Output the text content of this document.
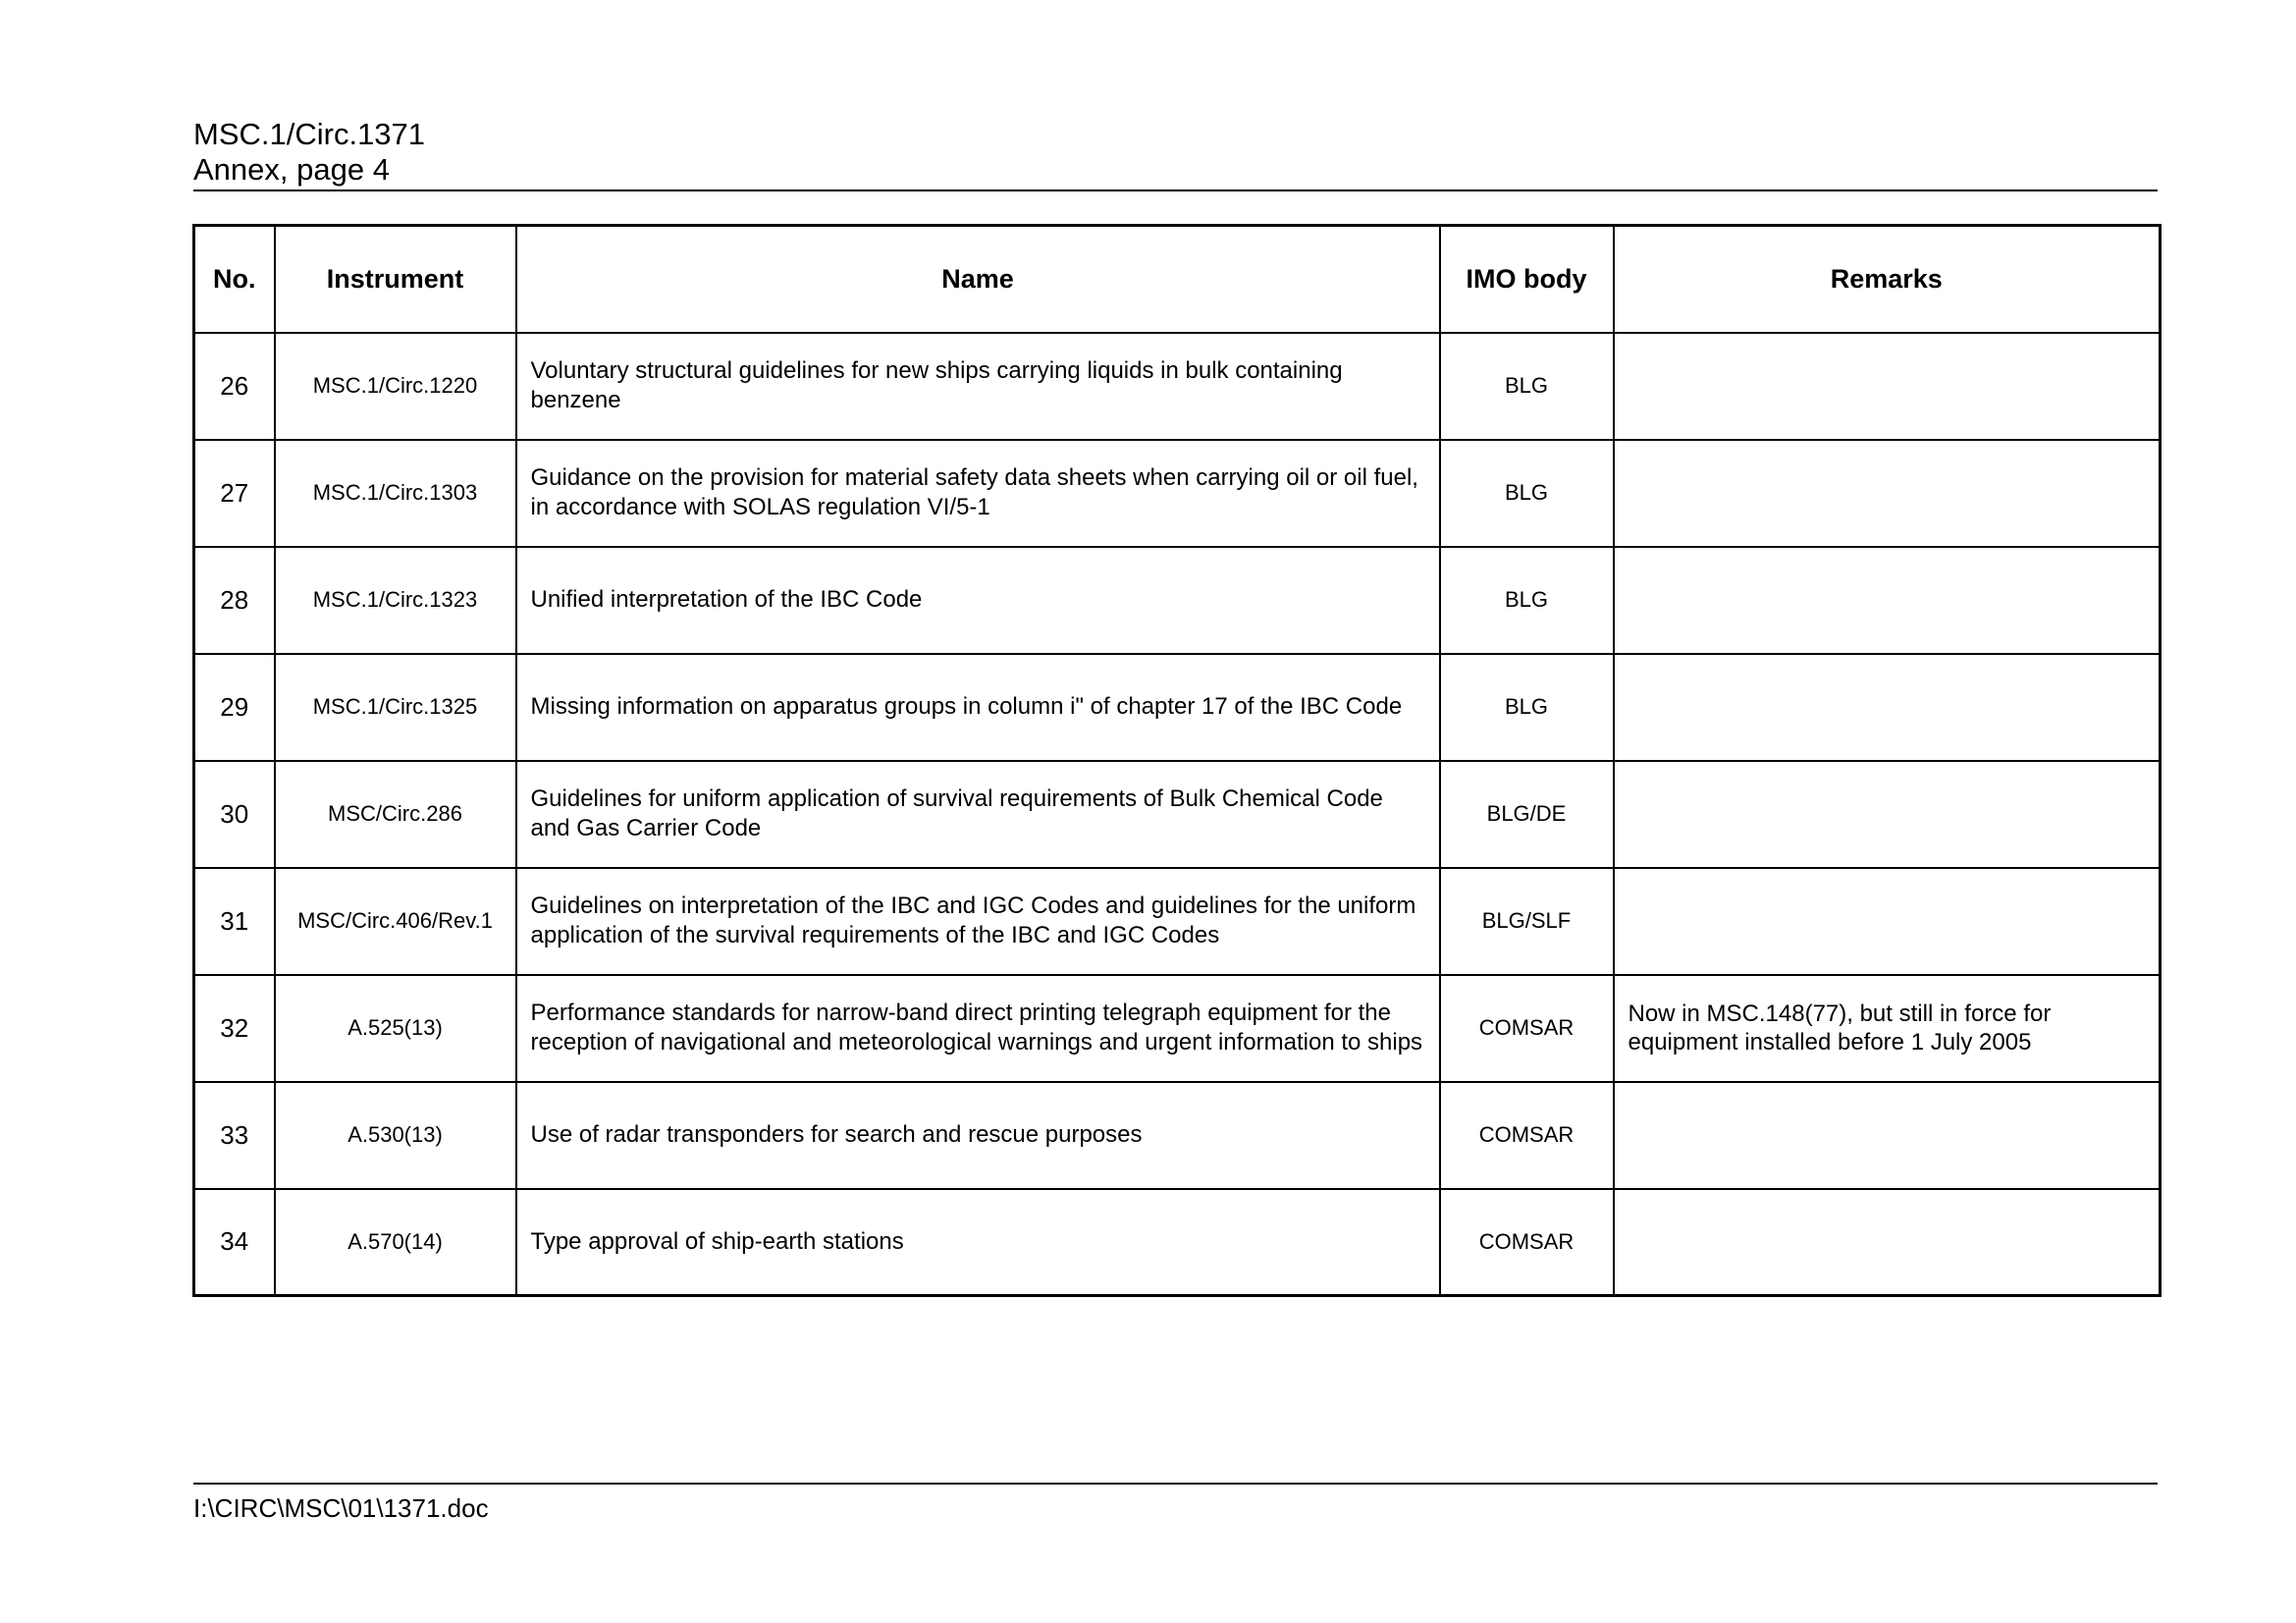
MSC.1/Circ.1371
Annex, page 4
No.	Instrument	Name	IMO body	Remarks
26	MSC.1/Circ.1220	Voluntary structural guidelines for new ships carrying liquids in bulk containing benzene	BLG	
27	MSC.1/Circ.1303	Guidance on the provision for material safety data sheets when carrying oil or oil fuel, in accordance with SOLAS regulation VI/5-1	BLG	
28	MSC.1/Circ.1323	Unified interpretation of the IBC Code	BLG	
29	MSC.1/Circ.1325	Missing information on apparatus groups in column i" of chapter 17 of the IBC Code	BLG	
30	MSC/Circ.286	Guidelines for uniform application of survival requirements of Bulk Chemical Code and Gas Carrier Code	BLG/DE	
31	MSC/Circ.406/Rev.1	Guidelines on interpretation of the IBC and IGC Codes and guidelines for the uniform application of the survival requirements of the IBC and IGC Codes	BLG/SLF	
32	A.525(13)	Performance standards for narrow-band direct printing telegraph equipment for the reception of navigational and meteorological warnings and urgent information to ships	COMSAR	Now in MSC.148(77), but still in force for equipment installed before 1 July 2005
33	A.530(13)	Use of radar transponders for search and rescue purposes	COMSAR	
34	A.570(14)	Type approval of ship-earth stations	COMSAR	
I:\CIRC\MSC\01\1371.doc
